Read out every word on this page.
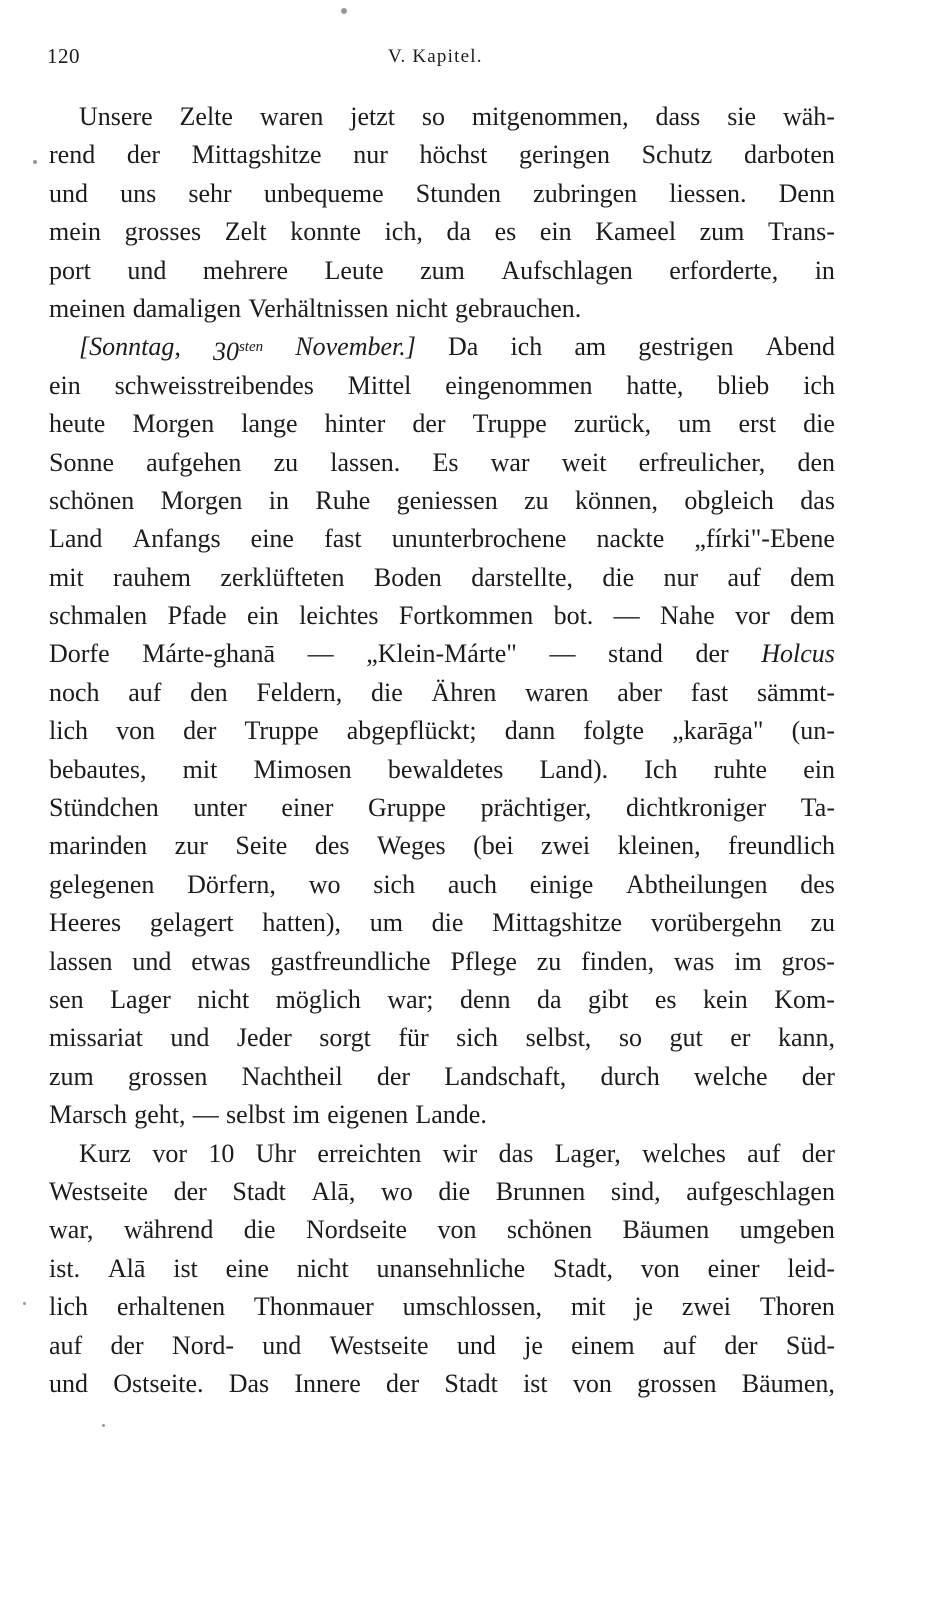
120	V. Kapitel.
Unsere Zelte waren jetzt so mitgenommen, dass sie wäh-
rend der Mittagshitze nur höchst geringen Schutz darboten
und uns sehr unbequeme Stunden zubringen liessen. Denn
mein grosses Zelt konnte ich, da es ein Kameel zum Trans-
port und mehrere Leute zum Aufschlagen erforderte, in
meinen damaligen Verhältnissen nicht gebrauchen.
[Sonntag, 30sten November.] Da ich am gestrigen Abend
ein schweisstreibendes Mittel eingenommen hatte, blieb ich
heute Morgen lange hinter der Truppe zurück, um erst die
Sonne aufgehen zu lassen. Es war weit erfreulicher, den
schönen Morgen in Ruhe geniessen zu können, obgleich das
Land Anfangs eine fast ununterbrochene nackte „fírki"-Ebene
mit rauhem zerklüfteten Boden darstellte, die nur auf dem
schmalen Pfade ein leichtes Fortkommen bot. — Nahe vor dem
Dorfe Márte-ghanā — „Klein-Márte" — stand der Holcus
noch auf den Feldern, die Ähren waren aber fast sämmt-
lich von der Truppe abgepflückt; dann folgte „karāga" (un-
bebautes, mit Mimosen bewaldetes Land). Ich ruhte ein
Stündchen unter einer Gruppe prächtiger, dichtkroniger Ta-
marinden zur Seite des Weges (bei zwei kleinen, freundlich
gelegenen Dörfern, wo sich auch einige Abtheilungen des
Heeres gelagert hatten), um die Mittagshitze vorübergehn zu
lassen und etwas gastfreundliche Pflege zu finden, was im gros-
sen Lager nicht möglich war; denn da gibt es kein Kom-
missariat und Jeder sorgt für sich selbst, so gut er kann,
zum grossen Nachtheil der Landschaft, durch welche der
Marsch geht, — selbst im eigenen Lande.
Kurz vor 10 Uhr erreichten wir das Lager, welches auf der
Westseite der Stadt Alā, wo die Brunnen sind, aufgeschlagen
war, während die Nordseite von schönen Bäumen umgeben
ist. Alā ist eine nicht unansehnliche Stadt, von einer leid-
lich erhaltenen Thonmauer umschlossen, mit je zwei Thoren
auf der Nord- und Westseite und je einem auf der Süd-
und Ostseite. Das Innere der Stadt ist von grossen Bäumen,
